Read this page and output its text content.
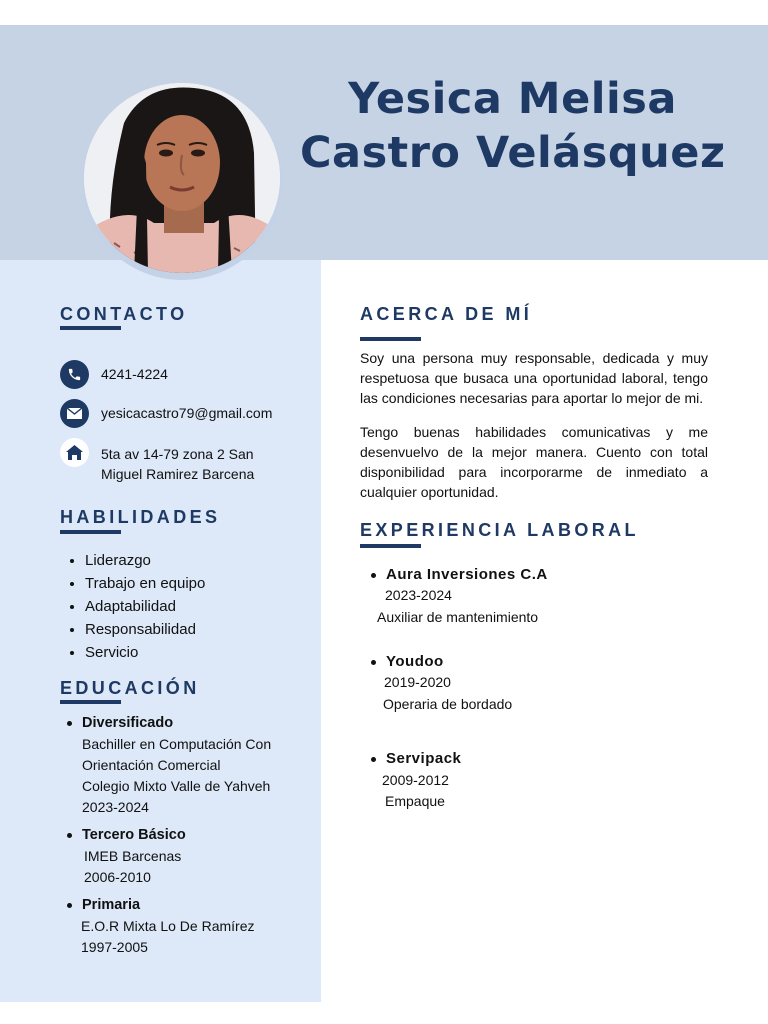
Yesica Melisa
Castro Velásquez
CONTACTO
4241-4224
yesicacastro79@gmail.com
5ta av 14-79 zona 2 San
Miguel Ramirez Barcena
HABILIDADES
• Liderazgo
• Trabajo en equipo
• Adaptabilidad
• Responsabilidad
• Servicio
EDUCACIÓN
Diversificado
Bachiller en Computación Con
Orientación Comercial
Colegio Mixto Valle de Yahveh
2023-2024
Tercero Básico
IMEB Barcenas
2006-2010
Primaria
E.O.R Mixta Lo De Ramírez
1997-2005
ACERCA DE MÍ
Soy una persona muy responsable, dedicada y muy respetuosa que busaca una oportunidad laboral, tengo las condiciones necesarias para aportar lo mejor de mi.
Tengo buenas habilidades comunicativas y me desenvuelvo de la mejor manera. Cuento con total disponibilidad para incorporarme de inmediato a cualquier oportunidad.
EXPERIENCIA LABORAL
Aura Inversiones C.A
2023-2024
Auxiliar de mantenimiento
Youdoo
2019-2020
Operaria de bordado
Servipack
2009-2012
Empaque
